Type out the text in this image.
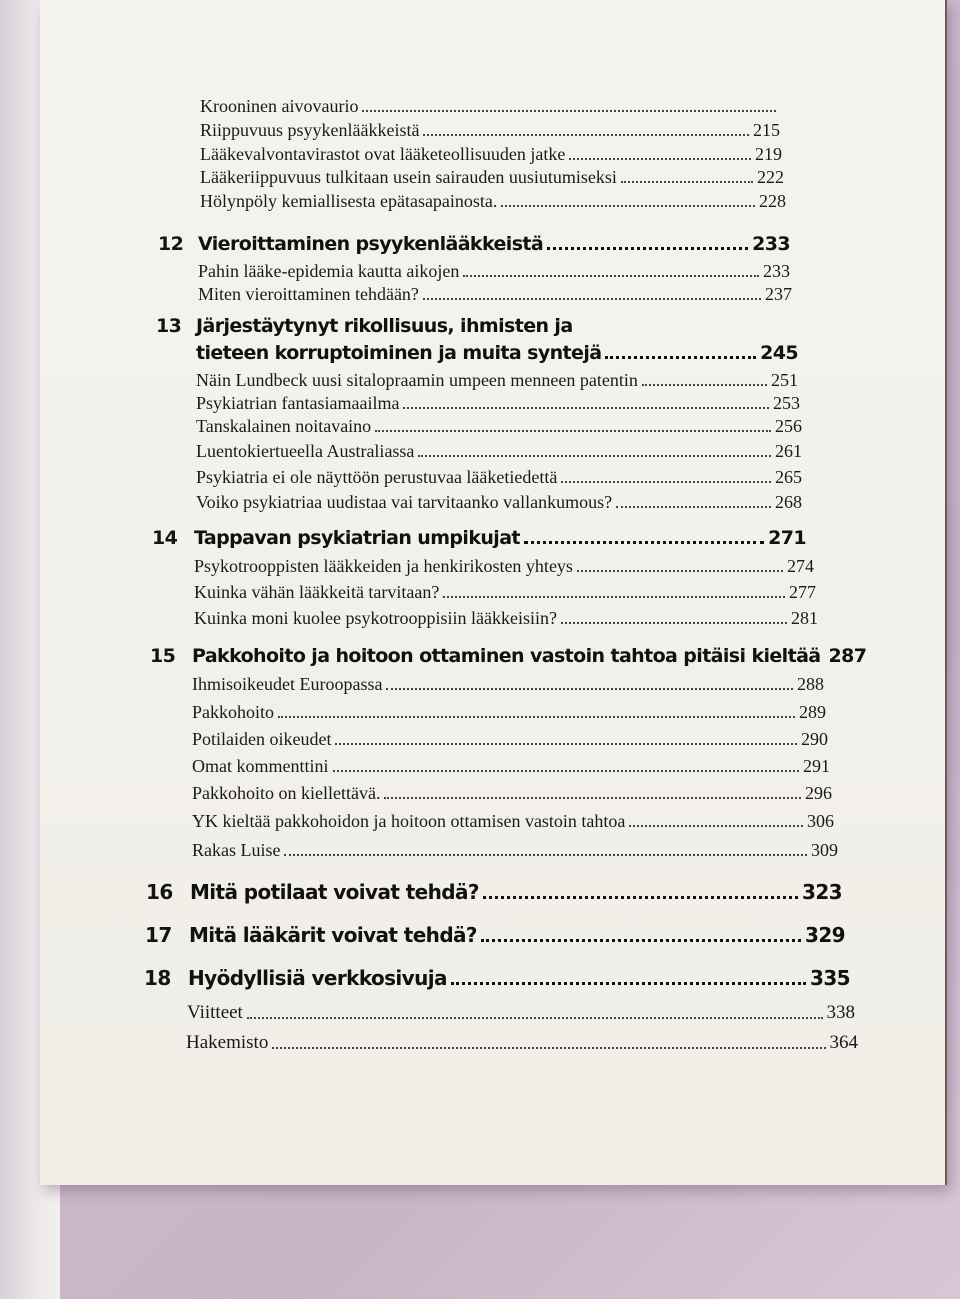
Krooninen aivovaurio
Riippuvuus psyykenlääkkeistä	215
Lääkevalvontavirastot ovat lääketeollisuuden jatke	219
Lääkeriippuvuus tulkitaan usein sairauden uusiutumiseksi	222
Hölynpöly kemiallisesta epätasapainosta.	228
12 Vieroittaminen psyykenlääkkeistä	233
Pahin lääke-epidemia kautta aikojen	233
Miten vieroittaminen tehdään?	237
13 Järjestäytynyt rikollisuus, ihmisten ja
tieteen korruptoiminen ja muita syntejä	245
Näin Lundbeck uusi sitalopraamin umpeen menneen patentin	251
Psykiatrian fantasiamaailma	253
Tanskalainen noitavaino	256
Luentokiertueella Australiassa	261
Psykiatria ei ole näyttöön perustuvaa lääketiedettä	265
Voiko psykiatriaa uudistaa vai tarvitaanko vallankumous?	268
14 Tappavan psykiatrian umpikujat	271
Psykotrooppisten lääkkeiden ja henkirikosten yhteys	274
Kuinka vähän lääkkeitä tarvitaan?	277
Kuinka moni kuolee psykotrooppisiin lääkkeisiin?	281
15 Pakkohoito ja hoitoon ottaminen vastoin tahtoa pitäisi kieltää 287
Ihmisoikeudet Euroopassa	288
Pakkohoito	289
Potilaiden oikeudet	290
Omat kommenttini	291
Pakkohoito on kiellettävä.	296
YK kieltää pakkohoidon ja hoitoon ottamisen vastoin tahtoa	306
Rakas Luise	309
16 Mitä potilaat voivat tehdä?	323
17 Mitä lääkärit voivat tehdä?	329
18 Hyödyllisiä verkkosivuja	335
Viitteet	338
Hakemisto	364
